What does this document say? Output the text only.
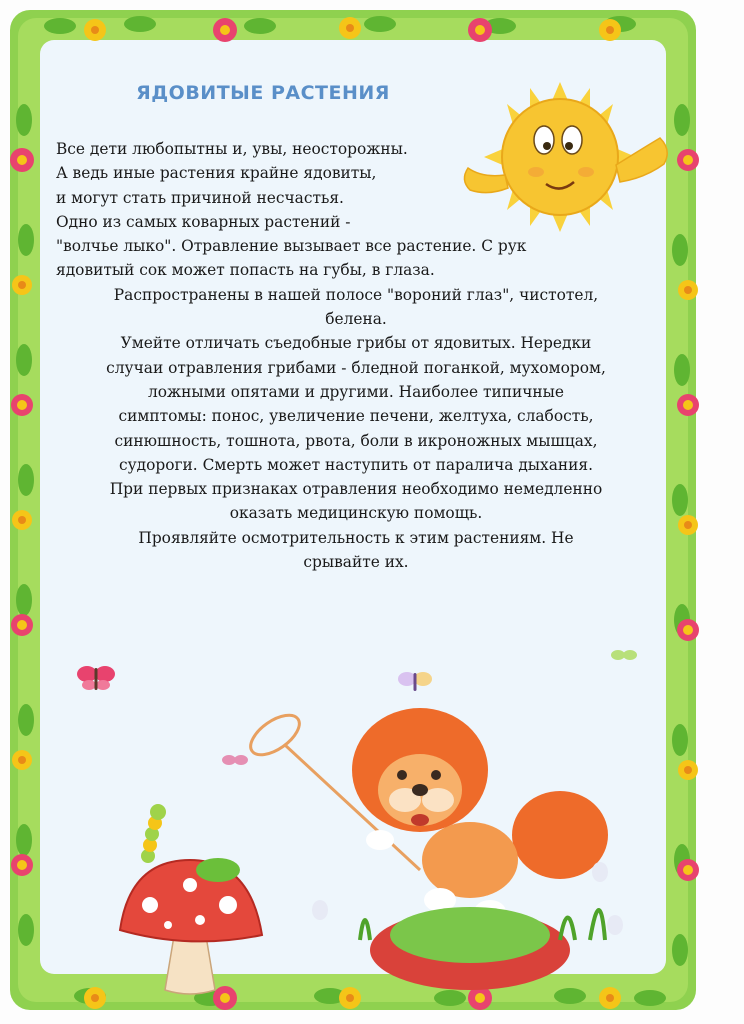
ЯДОВИТЫЕ РАСТЕНИЯ
Все дети любопытны и, увы, неосторожны.
А ведь иные растения крайне ядовиты,
и могут стать причиной несчастья.
Одно из самых коварных растений -
"волчье лыко". Отравление вызывает все растение. С рук
ядовитый сок может попасть на губы, в глаза.
Распространены в нашей полосе "вороний глаз", чистотел,
белена.
Умейте отличать съедобные грибы от ядовитых. Нередки
случаи отравления грибами - бледной поганкой, мухомором,
ложными опятами и другими. Наиболее типичные
симптомы: понос, увеличение печени, желтуха, слабость,
синюшность, тошнота, рвота, боли в икроножных мышцах,
судороги. Смерть может наступить от паралича дыхания.
При первых признаках отравления необходимо немедленно
оказать медицинскую помощь.
Проявляйте осмотрительность к этим растениям. Не
срывайте их.
